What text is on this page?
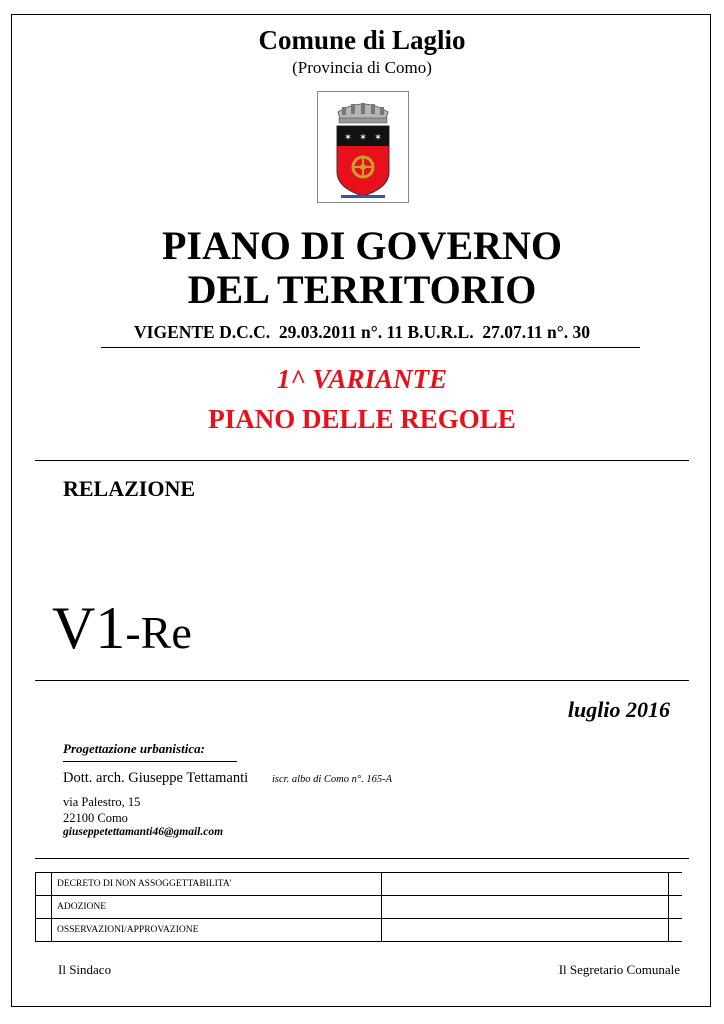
Comune di Laglio
(Provincia di Como)
✶ ✶ ✶
PIANO DI GOVERNO
DEL TERRITORIO
VIGENTE D.C.C.  29.03.2011 n°. 11 B.U.R.L.  27.07.11 n°. 30
1^ VARIANTE
PIANO DELLE REGOLE
RELAZIONE
V1-Re
luglio 2016
Progettazione urbanistica:
Dott. arch. Giuseppe Tettamanti iscr. albo di Como n°. 165-A
via Palestro, 15
22100 Como
giuseppetettamanti46@gmail.com
	DECRETO DI NON ASSOGGETTABILITA'		
	ADOZIONE		
	OSSERVAZIONI/APPROVAZIONE		
Il Sindaco	Il Segretario Comunale
